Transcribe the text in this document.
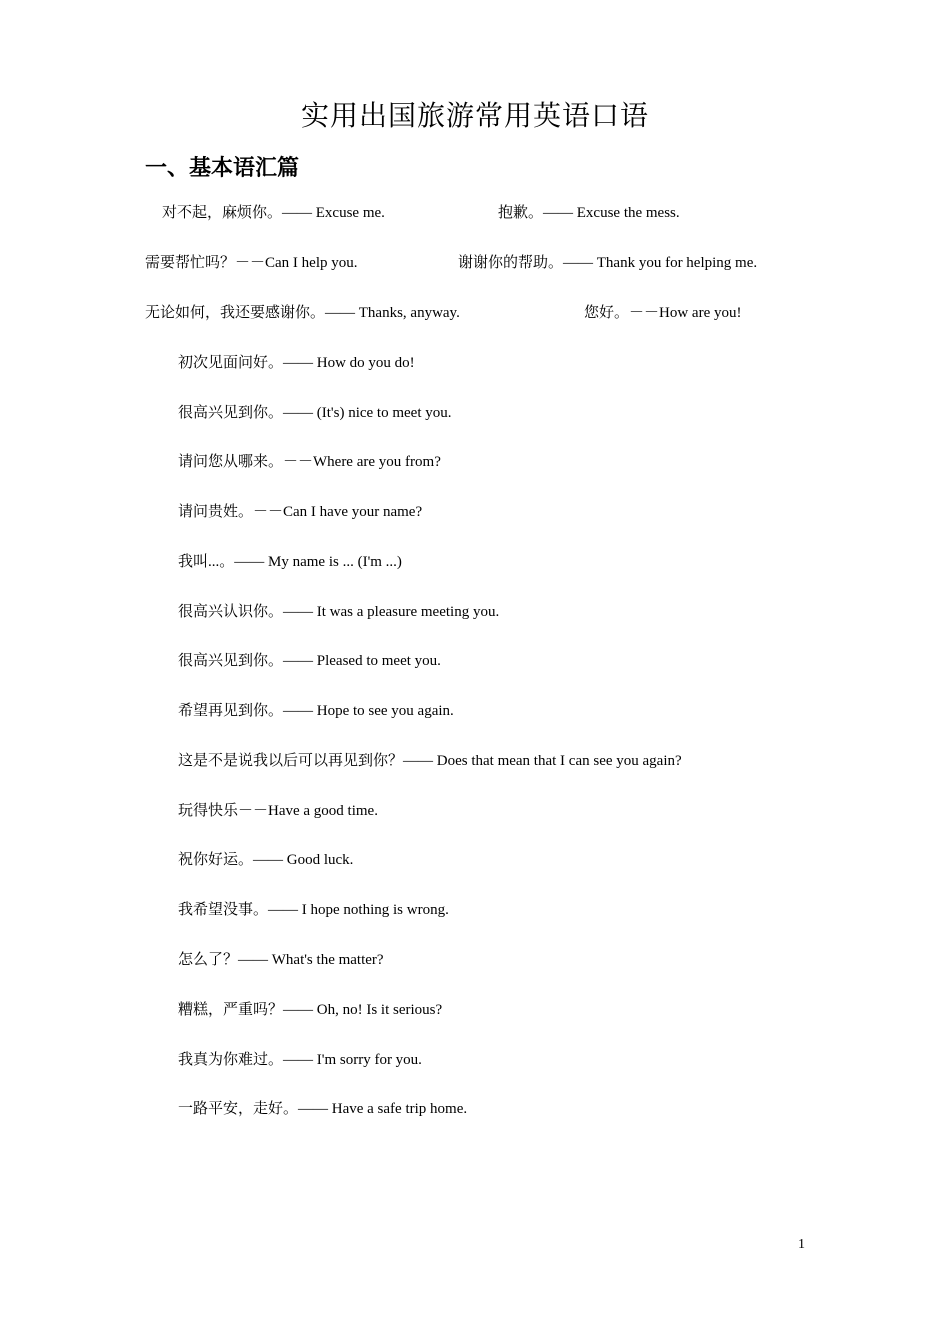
实用出国旅游常用英语口语
一、基本语汇篇
对不起，麻烦你。—— Excuse me.	抱歉。—— Excuse the mess.
需要帮忙吗？－－Can I help you.	谢谢你的帮助。—— Thank you for helping me.
无论如何，我还要感谢你。—— Thanks, anyway.	您好。－－How are you!
初次见面问好。—— How do you do!
很高兴见到你。—— (It's) nice to meet you.
请问您从哪来。－－Where are you from?
请问贵姓。－－Can I have your name?
我叫...。—— My name is ... (I'm ...)
很高兴认识你。—— It was a pleasure meeting you.
很高兴见到你。—— Pleased to meet you.
希望再见到你。—— Hope to see you again.
这是不是说我以后可以再见到你？—— Does that mean that I can see you again?
玩得快乐－－Have a good time.
祝你好运。—— Good luck.
我希望没事。—— I hope nothing is wrong.
怎么了？—— What's the matter?
糟糕，严重吗？—— Oh, no! Is it serious?
我真为你难过。—— I'm sorry for you.
一路平安，走好。—— Have a safe trip home.
1
